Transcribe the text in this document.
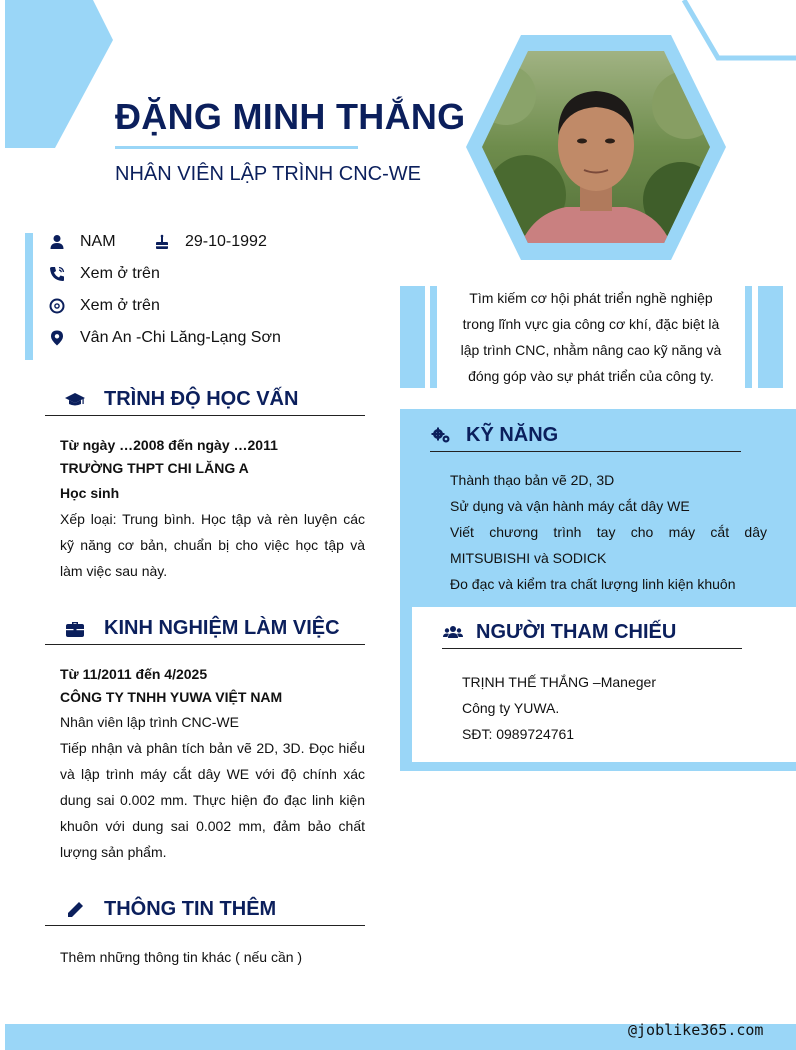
ĐẶNG MINH THẮNG
NHÂN VIÊN LẬP TRÌNH CNC-WE
NAM	29-10-1992
Xem ở trên
Xem ở trên
Vân An -Chi Lăng-Lạng Sơn
Tìm kiếm cơ hội phát triển nghề nghiệp trong lĩnh vực gia công cơ khí, đặc biệt là lập trình CNC, nhằm nâng cao kỹ năng và đóng góp vào sự phát triển của công ty.
TRÌNH ĐỘ HỌC VẤN
Từ ngày …2008 đến ngày …2011
TRƯỜNG THPT CHI LĂNG A
Học sinh
Xếp loại: Trung bình. Học tập và rèn luyện các kỹ năng cơ bản, chuẩn bị cho việc học tập và làm việc sau này.
KINH NGHIỆM LÀM VIỆC
Từ 11/2011 đến 4/2025
CÔNG TY TNHH YUWA VIỆT NAM
Nhân viên lập trình CNC-WE
Tiếp nhận và phân tích bản vẽ 2D, 3D. Đọc hiểu và lập trình máy cắt dây WE với độ chính xác dung sai 0.002 mm. Thực hiện đo đạc linh kiện khuôn với dung sai 0.002 mm, đảm bảo chất lượng sản phẩm.
THÔNG TIN THÊM
Thêm những thông tin khác ( nếu cần )
KỸ NĂNG
Thành thạo bản vẽ 2D, 3D
Sử dụng và vận hành máy cắt dây WE
Viết chương trình tay cho máy cắt dây MITSUBISHI và SODICK
Đo đạc và kiểm tra chất lượng linh kiện khuôn
NGƯỜI THAM CHIẾU
TRỊNH THẾ THẮNG –Maneger
Công ty YUWA.
SĐT: 0989724761
@joblike365.com
